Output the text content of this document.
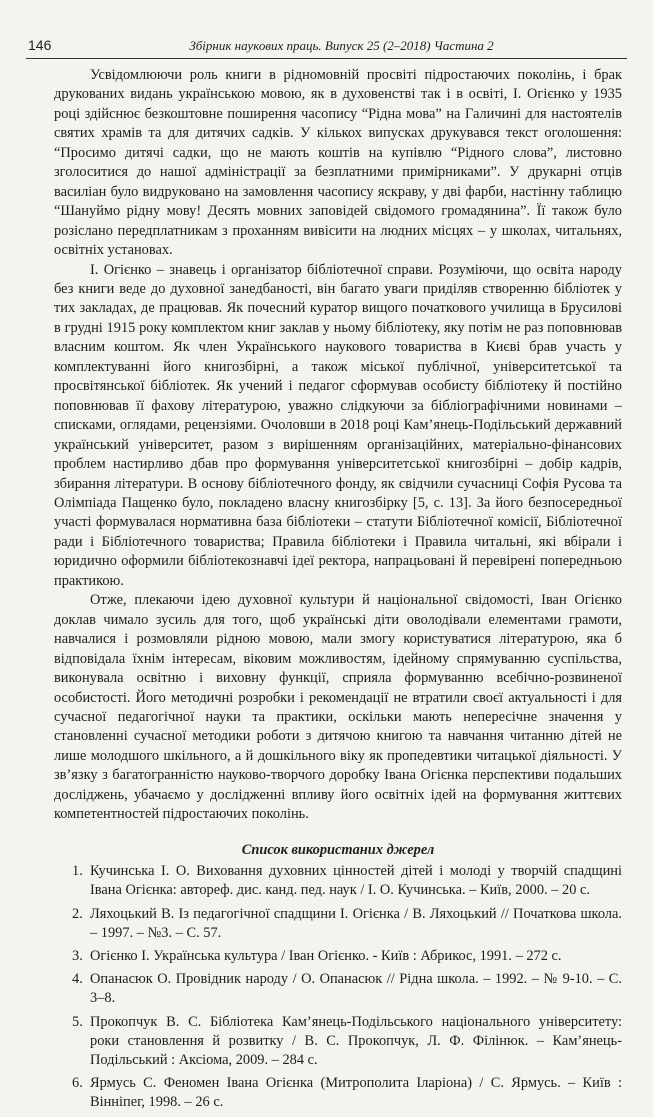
146	Збірник наукових праць. Випуск 25 (2–2018) Частина 2

Усвідомлюючи роль книги в рідномовній просвіті підростаючих поколінь, і брак друкованих видань українською мовою, як в духовенстві так і в освіті, І. Огієнко у 1935 році здійснює безкоштовне поширення часопису “Рідна мова” на Галичині для настоятелів святих храмів та для дитячих садків. У кількох випусках друкувався текст оголошення: “Просимо дитячі садки, що не мають коштів на купівлю “Рідного слова”, листовно зголоситися до нашої адміністрації за безплатними примірниками”. У друкарні отців василіан було видруковано на замовлення часопису яскраву, у дві фарби, настінну таблицю “Шануймо рідну мову! Десять мовних заповідей свідомого громадянина”. Її також було розіслано передплатникам з проханням вивісити на людних місцях – у школах, читальнях, освітніх установах.

І. Огієнко – знавець і організатор бібліотечної справи. Розуміючи, що освіта народу без книги веде до духовної занедбаності, він багато уваги приділяв створенню бібліотек у тих закладах, де працював. Як почесний куратор вищого початкового училища в Брусилові в грудні 1915 року комплектом книг заклав у ньому бібліотеку, яку потім не раз поповнював власним коштом. Як член Українського наукового товариства в Києві брав участь у комплектуванні його книгозбірні, а також міської публічної, університетської та просвітянської бібліотек. Як учений і педагог сформував особисту бібліотеку й постійно поповнював її фахову літературою, уважно слідкуючи за бібліографічними новинами – списками, оглядами, рецензіями. Очоловши в 2018 році Кам’янець-Подільський державний український університет, разом з вирішенням організаційних, матеріально-фінансових проблем настирливо дбав про формування університетської книгозбірні – добір кадрів, збирання літератури. В основу бібліотечного фонду, як свідчили сучасниці Софія Русова та Олімпіада Пащенко було, покладено власну книгозбірку [5, с. 13]. За його безпосередньої участі формувалася нормативна база бібліотеки – статути Бібліотечної комісії, Бібліотечної ради і Бібліотечного товариства; Правила бібліотеки і Правила читальні, які вбірали і юридично оформили бібліотекознавчі ідеї ректора, напрацьовані й перевірені попередньою практикою.

Отже, плекаючи ідею духовної культури й національної свідомості, Іван Огієнко доклав чимало зусиль для того, щоб українські діти оволодівали елементами грамоти, навчалися і розмовляли рідною мовою, мали змогу користуватися літературою, яка б відповідала їхнім інтересам, віковим можливостям, ідейному спрямуванню суспільства, виконувала освітню і виховну функції, сприяла формуванню всебічно-розвиненої особистості. Його методичні розробки і рекомендації не втратили своєї актуальності і для сучасної педагогічної науки та практики, оскільки мають непересічне значення у становленні сучасної методики роботи з дитячою книгою та навчання читанню дітей не лише молодшого шкільного, а й дошкільного віку як пропедевтики читацької діяльності. У зв’язку з багатогранністю науково-творчого доробку Івана Огієнка перспективи подальших досліджень, убачаємо у дослідженні впливу його освітніх ідей на формування життєвих компетентностей підростаючих поколінь.

Список використаних джерел
1. Кучинська І. О. Виховання духовних цінностей дітей і молоді у творчій спадщині Івана Огієнка: автореф. дис. канд. пед. наук / І. О. Кучинська. – Київ, 2000. – 20 с.
2. Ляхоцький В. Із педагогічної спадщини І. Огієнка / В. Ляхоцький // Початкова школа. – 1997. – №3. – С. 57.
3. Огієнко І. Українська культура / Іван Огієнко. - Київ : Абрикос, 1991. – 272 с.
4. Опанасюк О. Провідник народу / О. Опанасюк // Рідна школа. – 1992. – № 9-10. – С. 3–8.
5. Прокопчук В. С. Бібліотека Кам’янець-Подільського національного університету: роки становлення й розвитку / В. С. Прокопчук, Л. Ф. Філінюк. – Кам’янець-Подільський : Аксіома, 2009. – 284 с.
6. Ярмусь С. Феномен Івана Огієнка (Митрополита Іларіона) / С. Ярмусь. – Київ : Вінніпег, 1998. – 26 с.
